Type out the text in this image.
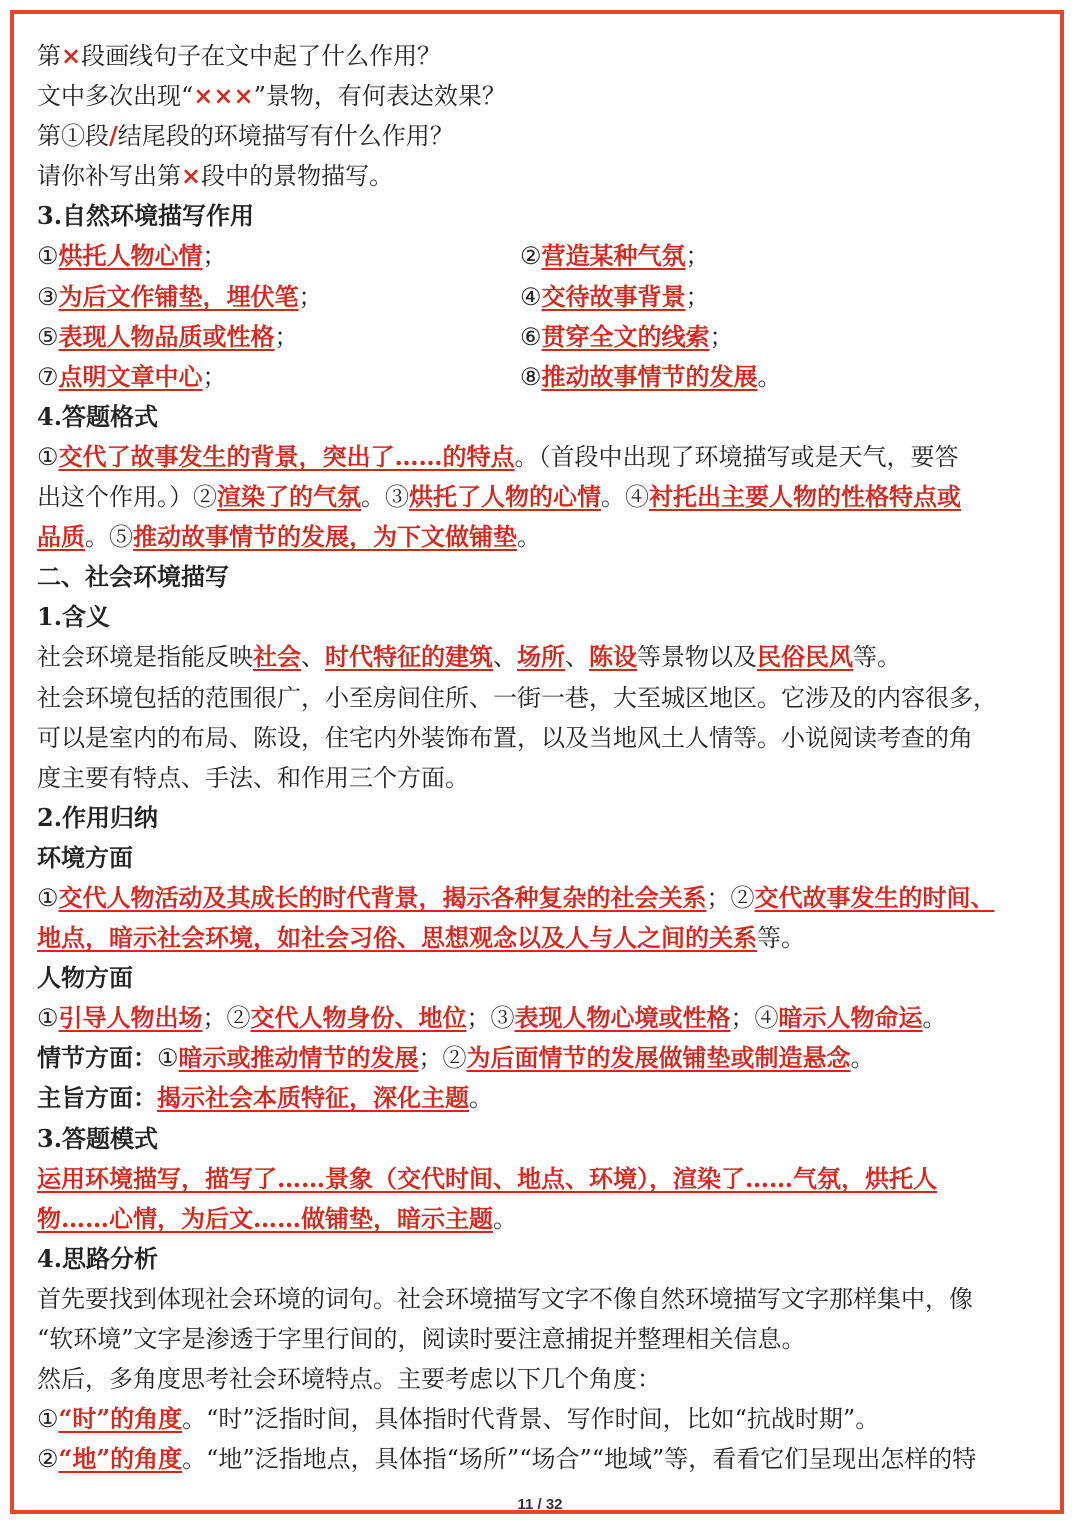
第×段画线句子在文中起了什么作用？
文中多次出现“×××”景物，有何表达效果？
第①段/结尾段的环境描写有什么作用？
请你补写出第×段中的景物描写。
3.自然环境描写作用
①烘托人物心情；	②营造某种气氛；
③为后文作铺垫，埋伏笔；	④交待故事背景；
⑤表现人物品质或性格；	⑥贯穿全文的线索；
⑦点明文章中心；	⑧推动故事情节的发展。
4.答题格式
①交代了故事发生的背景，突出了……的特点。（首段中出现了环境描写或是天气，要答
出这个作用。）②渲染了的气氛。③烘托了人物的心情。④衬托出主要人物的性格特点或
品质。⑤推动故事情节的发展，为下文做铺垫。
二、社会环境描写
1.含义
社会环境是指能反映社会、时代特征的建筑、场所、陈设等景物以及民俗民风等。
社会环境包括的范围很广，小至房间住所、一街一巷，大至城区地区。它涉及的内容很多，
可以是室内的布局、陈设，住宅内外装饰布置，以及当地风土人情等。小说阅读考查的角
度主要有特点、手法、和作用三个方面。
2.作用归纳
环境方面
①交代人物活动及其成长的时代背景，揭示各种复杂的社会关系；②交代故事发生的时间、
地点，暗示社会环境，如社会习俗、思想观念以及人与人之间的关系等。
人物方面
①引导人物出场；②交代人物身份、地位；③表现人物心境或性格；④暗示人物命运。
情节方面：①暗示或推动情节的发展；②为后面情节的发展做铺垫或制造悬念。
主旨方面：揭示社会本质特征，深化主题。
3.答题模式
运用环境描写，描写了……景象（交代时间、地点、环境），渲染了……气氛，烘托人
物……心情，为后文……做铺垫，暗示主题。
4.思路分析
首先要找到体现社会环境的词句。社会环境描写文字不像自然环境描写文字那样集中，像
“软环境”文字是渗透于字里行间的，阅读时要注意捕捉并整理相关信息。
然后，多角度思考社会环境特点。主要考虑以下几个角度：
①“时”的角度。“时”泛指时间，具体指时代背景、写作时间，比如“抗战时期”。
②“地”的角度。“地”泛指地点，具体指“场所”“场合”“地域”等，看看它们呈现出怎样的特
11 / 32
